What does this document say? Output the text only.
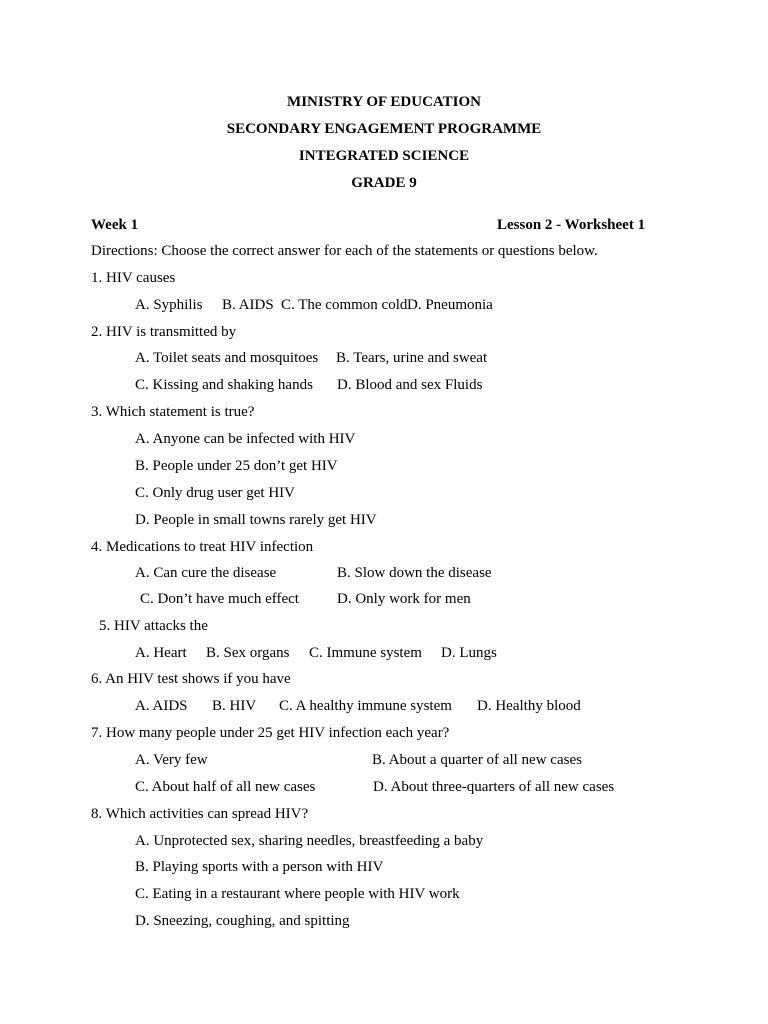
MINISTRY OF EDUCATION
SECONDARY ENGAGEMENT PROGRAMME
INTEGRATED SCIENCE
GRADE 9
Week 1	Lesson 2 - Worksheet 1
Directions: Choose the correct answer for each of the statements or questions below.
1. HIV causes
A. Syphilis B. AIDS C. The common cold D. Pneumonia
2. HIV is transmitted by
A. Toilet seats and mosquitoes B. Tears, urine and sweat
C. Kissing and shaking hands D. Blood and sex Fluids
3. Which statement is true?
A. Anyone can be infected with HIV
B. People under 25 don’t get HIV
C. Only drug user get HIV
D. People in small towns rarely get HIV
4. Medications to treat HIV infection
A. Can cure the disease	B. Slow down the disease
C. Don’t have much effect	D. Only work for men
5. HIV attacks the
A. Heart B. Sex organs C. Immune system D. Lungs
6. An HIV test shows if you have
A. AIDS B. HIV C. A healthy immune system D. Healthy blood
7. How many people under 25 get HIV infection each year?
A. Very few	B. About a quarter of all new cases
C. About half of all new cases	D. About three-quarters of all new cases
8. Which activities can spread HIV?
A. Unprotected sex, sharing needles, breastfeeding a baby
B. Playing sports with a person with HIV
C. Eating in a restaurant where people with HIV work
D. Sneezing, coughing, and spitting
